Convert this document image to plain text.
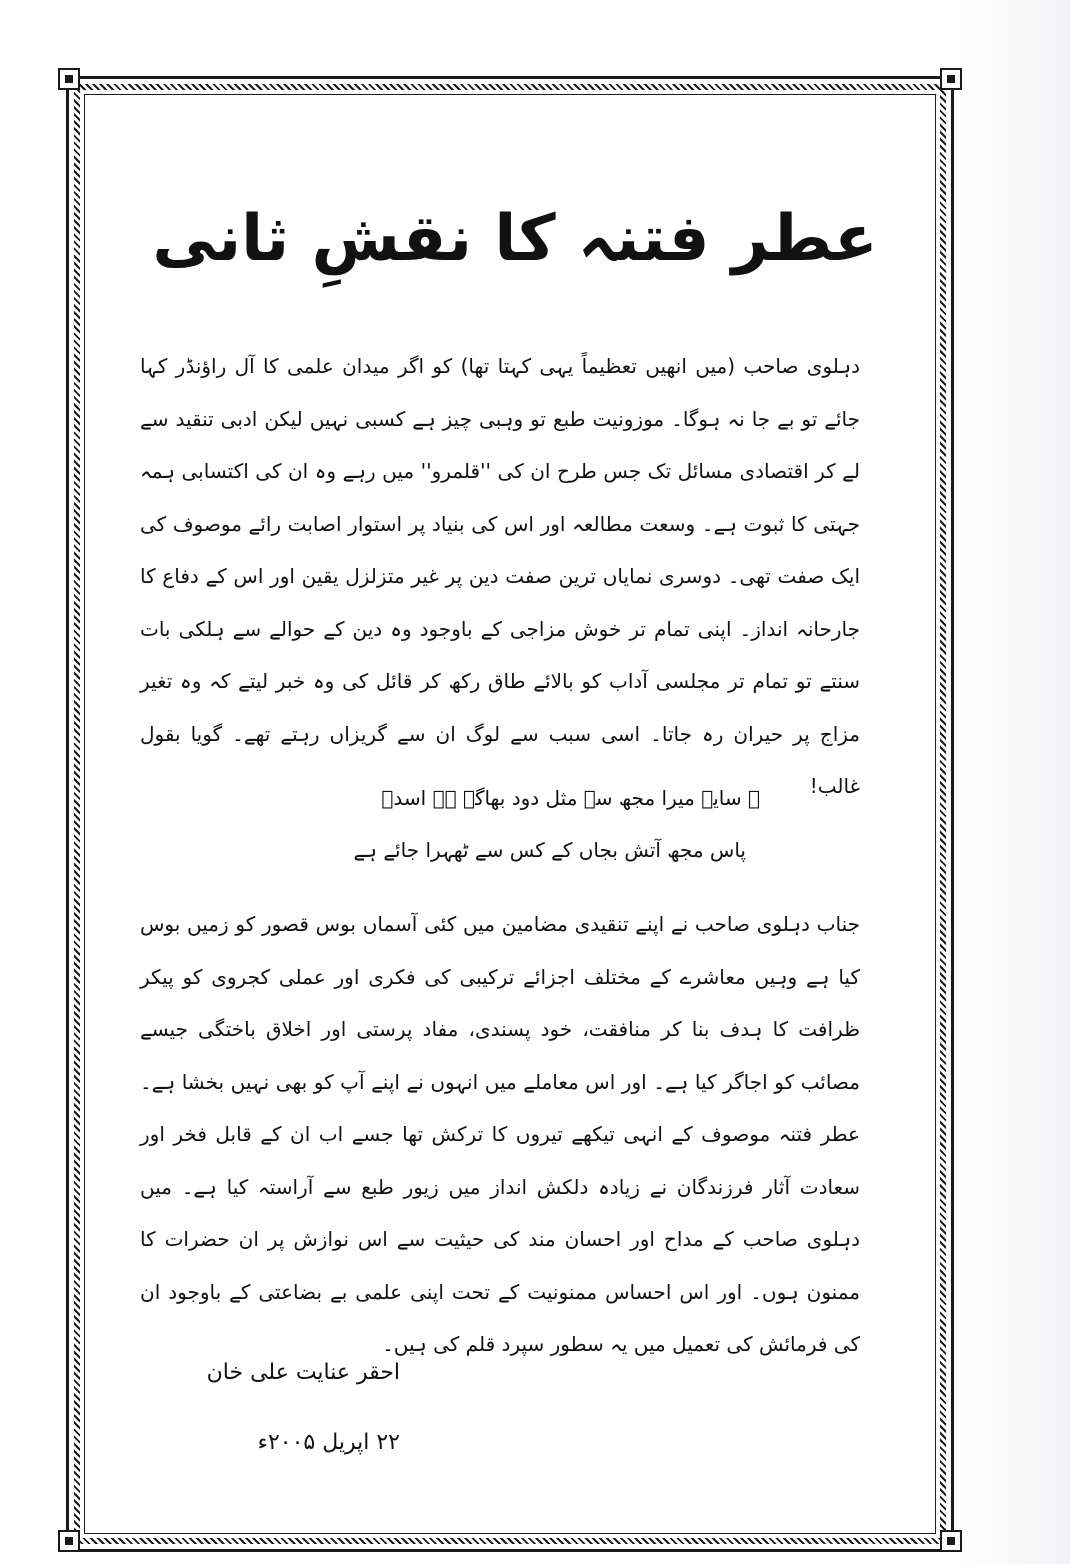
عطر فتنہ کا نقشِ ثانی

دہلوی صاحب (میں انھیں تعظیماً یہی کہتا تھا) کو اگر میدان علمی کا آل راؤنڈر کہا جائے تو بے جا نہ ہوگا۔ موزونیت طبع تو وہبی چیز ہے کسبی نہیں لیکن ادبی تنقید سے لے کر اقتصادی مسائل تک جس طرح ان کی ''قلمرو'' میں رہے وہ ان کی اکتسابی ہمہ جہتی کا ثبوت ہے۔ وسعت مطالعہ اور اس کی بنیاد پر استوار اصابت رائے موصوف کی ایک صفت تھی۔ دوسری نمایاں ترین صفت دین پر غیر متزلزل یقین اور اس کے دفاع کا جارحانہ انداز۔ اپنی تمام تر خوش مزاجی کے باوجود وہ دین کے حوالے سے ہلکی بات سنتے تو تمام تر مجلسی آداب کو بالائے طاق رکھ کر قائل کی وہ خبر لیتے کہ وہ تغیر مزاج پر حیران رہ جاتا۔ اسی سبب سے لوگ ان سے گریزاں رہتے تھے۔ گویا بقول غالب!

؎ سایہ میرا مجھ سے مثل دود بھاگے ہے اسدؔ
پاس مجھ آتش بجاں کے کس سے ٹھہرا جائے ہے

جناب دہلوی صاحب نے اپنے تنقیدی مضامین میں کئی آسماں بوس قصور کو زمیں بوس کیا ہے وہیں معاشرے کے مختلف اجزائے ترکیبی کی فکری اور عملی کجروی کو پیکر ظرافت کا ہدف بنا کر منافقت، خود پسندی، مفاد پرستی اور اخلاق باختگی جیسے مصائب کو اجاگر کیا ہے۔ اور اس معاملے میں انہوں نے اپنے آپ کو بھی نہیں بخشا ہے۔ عطر فتنہ موصوف کے انہی تیکھے تیروں کا ترکش تھا جسے اب ان کے قابل فخر اور سعادت آثار فرزندگان نے زیادہ دلکش انداز میں زیور طبع سے آراستہ کیا ہے۔ میں دہلوی صاحب کے مداح اور احسان مند کی حیثیت سے اس نوازش پر ان حضرات کا ممنون ہوں۔ اور اس احساس ممنونیت کے تحت اپنی علمی بے بضاعتی کے باوجود ان کی فرمائش کی تعمیل میں یہ سطور سپرد قلم کی ہیں۔

احقر عنایت علی خان
۲۲ اپریل ۲۰۰۵ء
